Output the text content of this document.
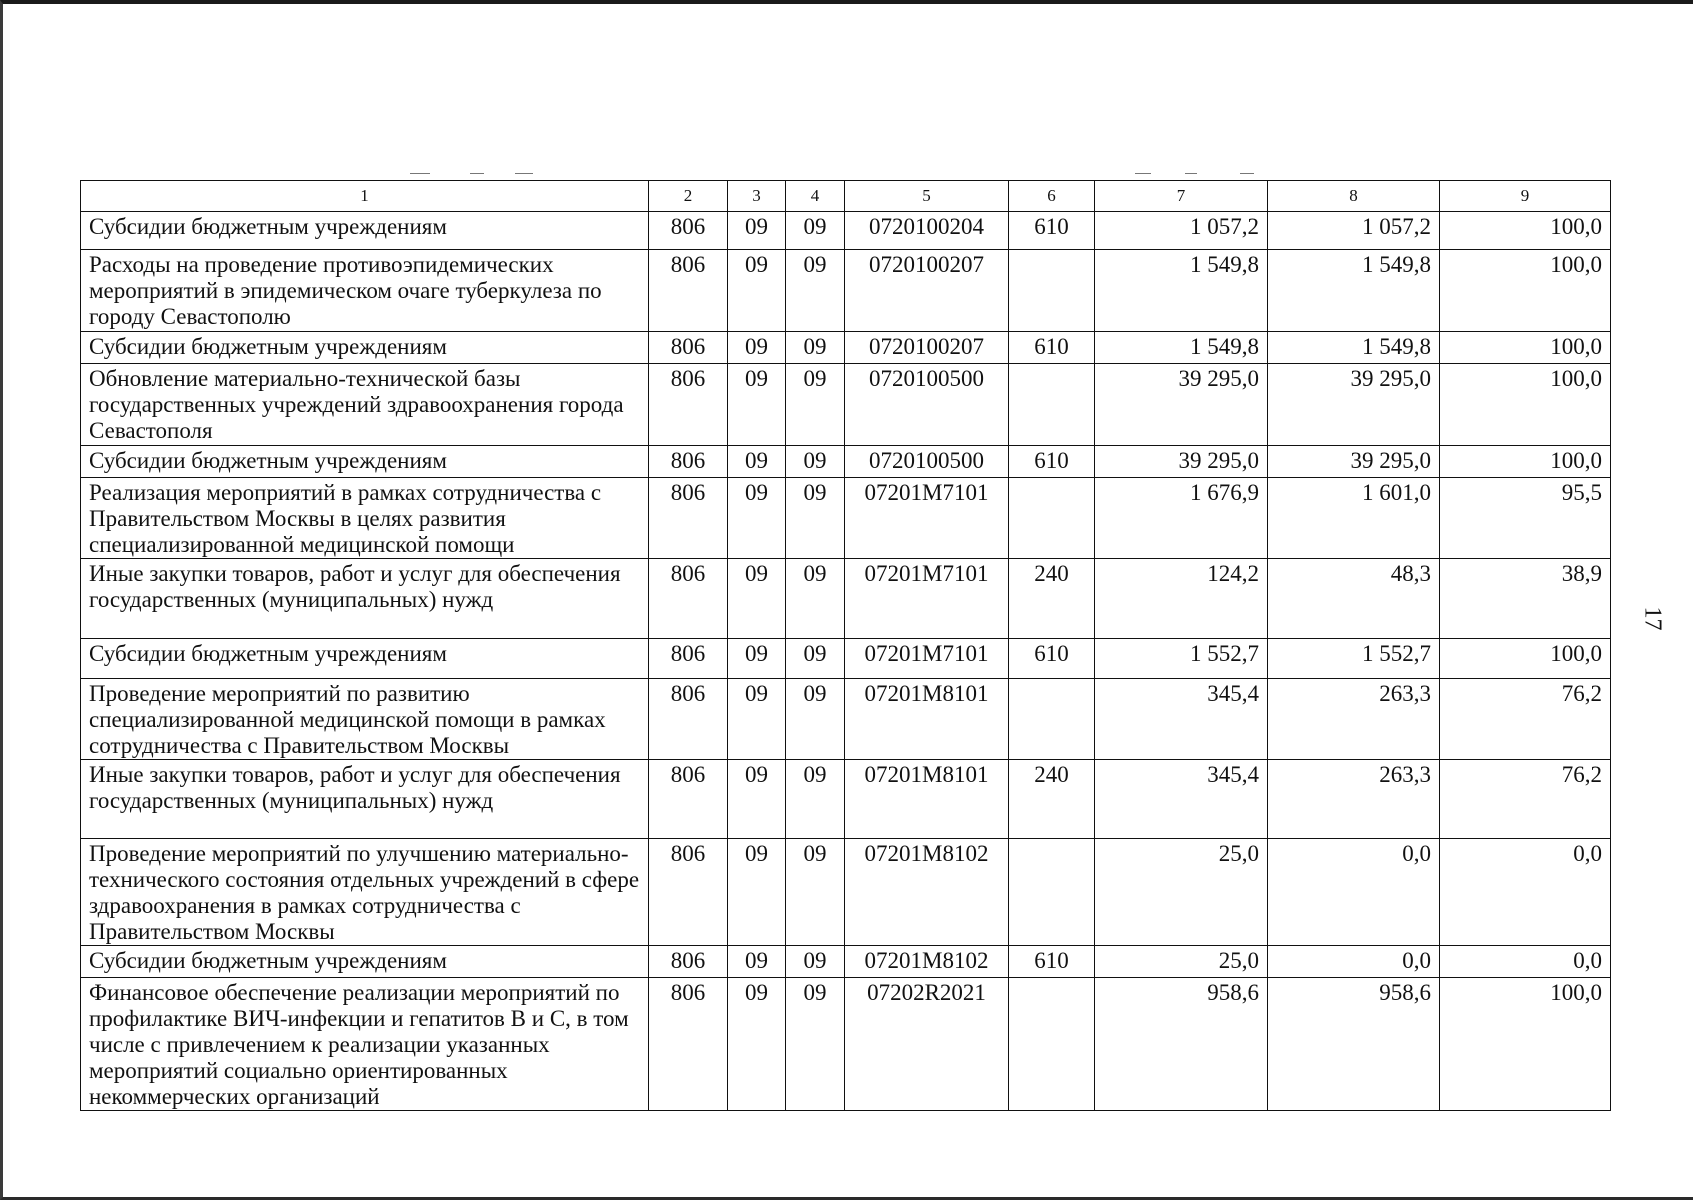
17
1	2	3	4	5	6	7	8	9
Субсидии бюджетным учреждениям	806	09	09	0720100204	610	1 057,2	1 057,2	100,0
Расходы на проведение противоэпидемических мероприятий в эпидемическом очаге туберкулеза по городу Севастополю	806	09	09	0720100207		1 549,8	1 549,8	100,0
Субсидии бюджетным учреждениям	806	09	09	0720100207	610	1 549,8	1 549,8	100,0
Обновление материально-технической базы государственных учреждений здравоохранения города Севастополя	806	09	09	0720100500		39 295,0	39 295,0	100,0
Субсидии бюджетным учреждениям	806	09	09	0720100500	610	39 295,0	39 295,0	100,0
Реализация мероприятий в рамках сотрудничества с Правительством Москвы в целях развития специализированной медицинской помощи	806	09	09	07201M7101		1 676,9	1 601,0	95,5
Иные закупки товаров, работ и услуг для обеспечения государственных (муниципальных) нужд	806	09	09	07201M7101	240	124,2	48,3	38,9
Субсидии бюджетным учреждениям	806	09	09	07201M7101	610	1 552,7	1 552,7	100,0
Проведение мероприятий по развитию специализированной медицинской помощи в рамках сотрудничества с Правительством Москвы	806	09	09	07201M8101		345,4	263,3	76,2
Иные закупки товаров, работ и услуг для обеспечения государственных (муниципальных) нужд	806	09	09	07201M8101	240	345,4	263,3	76,2
Проведение мероприятий по улучшению материально-технического состояния отдельных учреждений в сфере здравоохранения в рамках сотрудничества с Правительством Москвы	806	09	09	07201M8102		25,0	0,0	0,0
Субсидии бюджетным учреждениям	806	09	09	07201M8102	610	25,0	0,0	0,0
Финансовое обеспечение реализации мероприятий по профилактике ВИЧ-инфекции и гепатитов В и С, в том числе с привлечением к реализации указанных мероприятий социально ориентированных некоммерческих организаций	806	09	09	07202R2021		958,6	958,6	100,0
